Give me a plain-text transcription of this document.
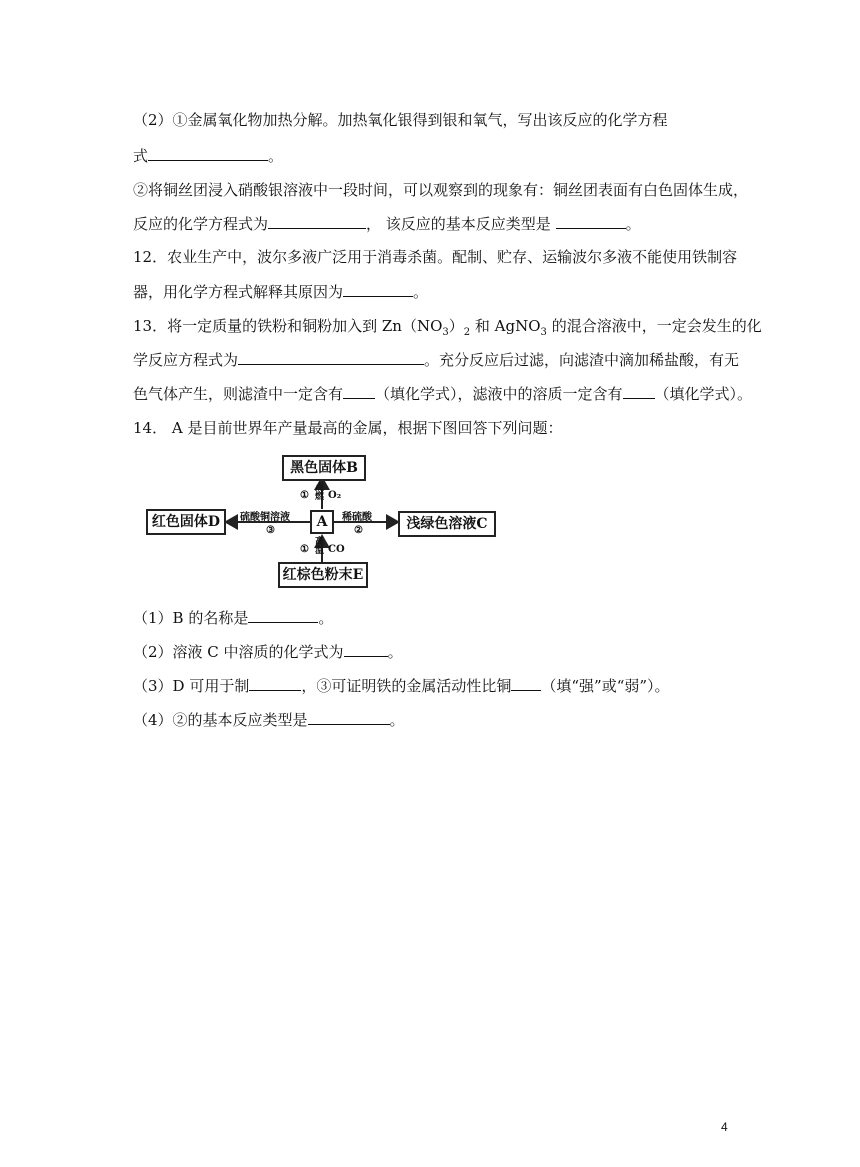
（2）①金属氧化物加热分解。加热氧化银得到银和氧气，写出该反应的化学方程
式	。
②将铜丝团浸入硝酸银溶液中一段时间，可以观察到的现象有：铜丝团表面有白色固体生成，
反应的化学方程式为	， 该反应的基本反应类型是	。
12．农业生产中，波尔多液广泛用于消毒杀菌。配制、贮存、运输波尔多液不能使用铁制容
器，用化学方程式解释其原因为	。
13．将一定质量的铁粉和铜粉加入到 $Zn(NO_3)_2$ 和 AgNO$_3$ 的混合溶液中，一定会发生的化
学反应方程式为	。充分反应后过滤，向滤渣中滴加稀盐酸，有无
色气体产生，则滤渣中一定含有 （填化学式），滤液中的溶质一定含有 （填化学式）。
14． A 是目前世界年产量最高的金属，根据下图回答下列问题：
黑色固体B
红色固体D	浅绿色溶液C
红棕色粉末E
A
① 点燃 O₂
硫酸铜溶液
③
稀硫酸
②
① 高温 CO
（1）B 的名称是	。
（2）溶液 C 中溶质的化学式为	。
（3）D 可用于制	，③可证明铁的金属活动性比铜 （填“强”或“弱”）。
（4）②的基本反应类型是	。
4
